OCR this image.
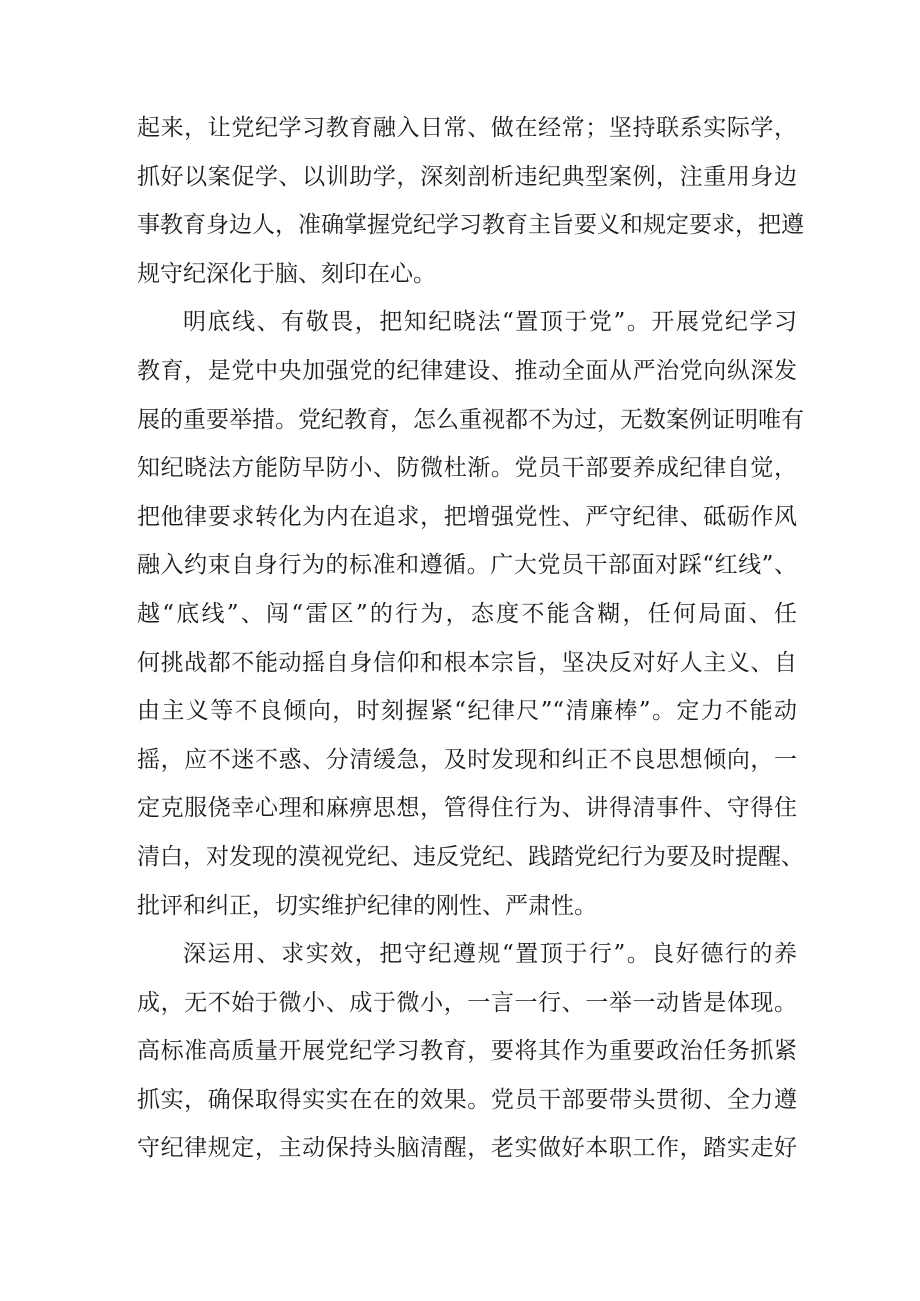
起来，让党纪学习教育融入日常、做在经常；坚持联系实际学，
抓好以案促学、以训助学，深刻剖析违纪典型案例，注重用身边
事教育身边人，准确掌握党纪学习教育主旨要义和规定要求，把遵
规守纪深化于脑、刻印在心。
明底线、有敬畏，把知纪晓法“置顶于党”。开展党纪学习
教育，是党中央加强党的纪律建设、推动全面从严治党向纵深发
展的重要举措。党纪教育，怎么重视都不为过，无数案例证明唯有
知纪晓法方能防早防小、防微杜渐。党员干部要养成纪律自觉，
把他律要求转化为内在追求，把增强党性、严守纪律、砥砺作风
融入约束自身行为的标准和遵循。广大党员干部面对踩“红线”、
越“底线”、闯“雷区”的行为，态度不能含糊，任何局面、任
何挑战都不能动摇自身信仰和根本宗旨，坚决反对好人主义、自
由主义等不良倾向，时刻握紧“纪律尺”“清廉棒”。定力不能动
摇，应不迷不惑、分清缓急，及时发现和纠正不良思想倾向，一
定克服侥幸心理和麻痹思想，管得住行为、讲得清事件、守得住
清白，对发现的漠视党纪、违反党纪、践踏党纪行为要及时提醒、
批评和纠正，切实维护纪律的刚性、严肃性。
深运用、求实效，把守纪遵规“置顶于行”。良好德行的养
成，无不始于微小、成于微小，一言一行、一举一动皆是体现。
高标准高质量开展党纪学习教育，要将其作为重要政治任务抓紧
抓实，确保取得实实在在的效果。党员干部要带头贯彻、全力遵
守纪律规定，主动保持头脑清醒，老实做好本职工作，踏实走好
